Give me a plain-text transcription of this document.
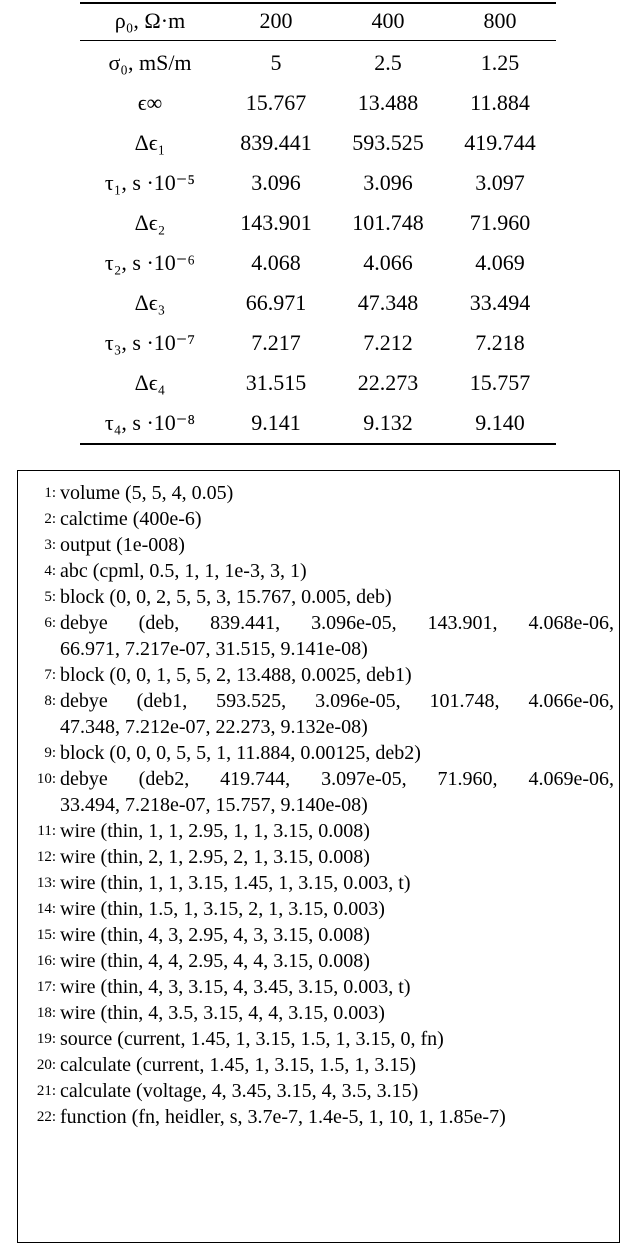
ρ₀, Ω·m	200	400	800
σ₀, mS/m	5	2.5	1.25
ϵ∞	15.767	13.488	11.884
Δϵ₁	839.441	593.525	419.744
τ₁, s ·10⁻⁵	3.096	3.096	3.097
Δϵ₂	143.901	101.748	71.960
τ₂, s ·10⁻⁶	4.068	4.066	4.069
Δϵ₃	66.971	47.348	33.494
τ₃, s ·10⁻⁷	7.217	7.212	7.218
Δϵ₄	31.515	22.273	15.757
τ₄, s ·10⁻⁸	9.141	9.132	9.140
1: volume (5, 5, 4, 0.05)
2: calctime (400e-6)
3: output (1e-008)
4: abc (cpml, 0.5, 1, 1, 1e-3, 3, 1)
5: block (0, 0, 2, 5, 5, 3, 15.767, 0.005, deb)
6: debye (deb, 839.441, 3.096e-05, 143.901, 4.068e-06,
66.971, 7.217e-07, 31.515, 9.141e-08)
7: block (0, 0, 1, 5, 5, 2, 13.488, 0.0025, deb1)
8: debye (deb1, 593.525, 3.096e-05, 101.748, 4.066e-06,
47.348, 7.212e-07, 22.273, 9.132e-08)
9: block (0, 0, 0, 5, 5, 1, 11.884, 0.00125, deb2)
10: debye (deb2, 419.744, 3.097e-05, 71.960, 4.069e-06,
33.494, 7.218e-07, 15.757, 9.140e-08)
11: wire (thin, 1, 1, 2.95, 1, 1, 3.15, 0.008)
12: wire (thin, 2, 1, 2.95, 2, 1, 3.15, 0.008)
13: wire (thin, 1, 1, 3.15, 1.45, 1, 3.15, 0.003, t)
14: wire (thin, 1.5, 1, 3.15, 2, 1, 3.15, 0.003)
15: wire (thin, 4, 3, 2.95, 4, 3, 3.15, 0.008)
16: wire (thin, 4, 4, 2.95, 4, 4, 3.15, 0.008)
17: wire (thin, 4, 3, 3.15, 4, 3.45, 3.15, 0.003, t)
18: wire (thin, 4, 3.5, 3.15, 4, 4, 3.15, 0.003)
19: source (current, 1.45, 1, 3.15, 1.5, 1, 3.15, 0, fn)
20: calculate (current, 1.45, 1, 3.15, 1.5, 1, 3.15)
21: calculate (voltage, 4, 3.45, 3.15, 4, 3.5, 3.15)
22: function (fn, heidler, s, 3.7e-7, 1.4e-5, 1, 10, 1, 1.85e-7)
